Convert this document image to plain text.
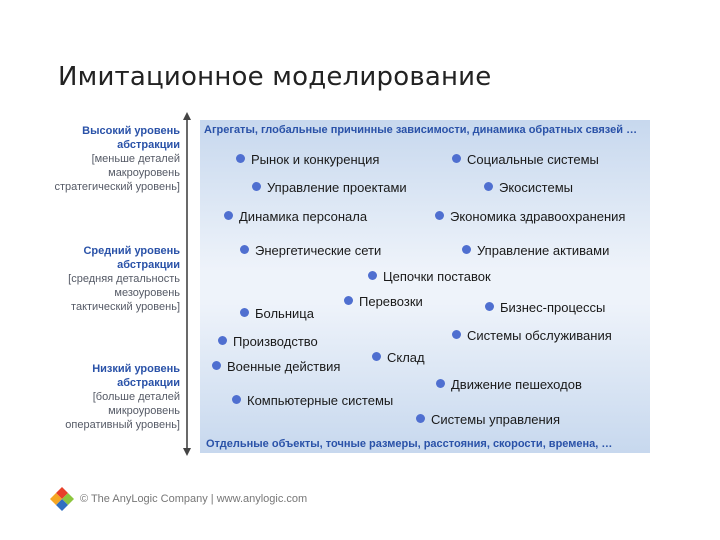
Имитационное моделирование
Высокий уровень
абстракции
[меньше деталей
макроуровень
стратегический уровень]
Средний уровень
абстракции
[средняя детальность
мезоуровень
тактический уровень]
Низкий уровень
абстракции
[больше деталей
микроуровень
оперативный уровень]
Агрегаты, глобальные причинные зависимости, динамика обратных связей …
Рынок и конкуренция	Социальные системы
Управление проектами	Экосистемы
Динамика персонала	Экономика здравоохранения
Энергетические сети	Управление активами
Цепочки поставок
Перевозки	Бизнес-процессы
Больница
Системы обслуживания
Производство
Склад
Военные действия
Движение пешеходов
Компьютерные системы
Системы управления
Отдельные объекты, точные размеры, расстояния, скорости, времена, …
© The AnyLogic Company | www.anylogic.com
